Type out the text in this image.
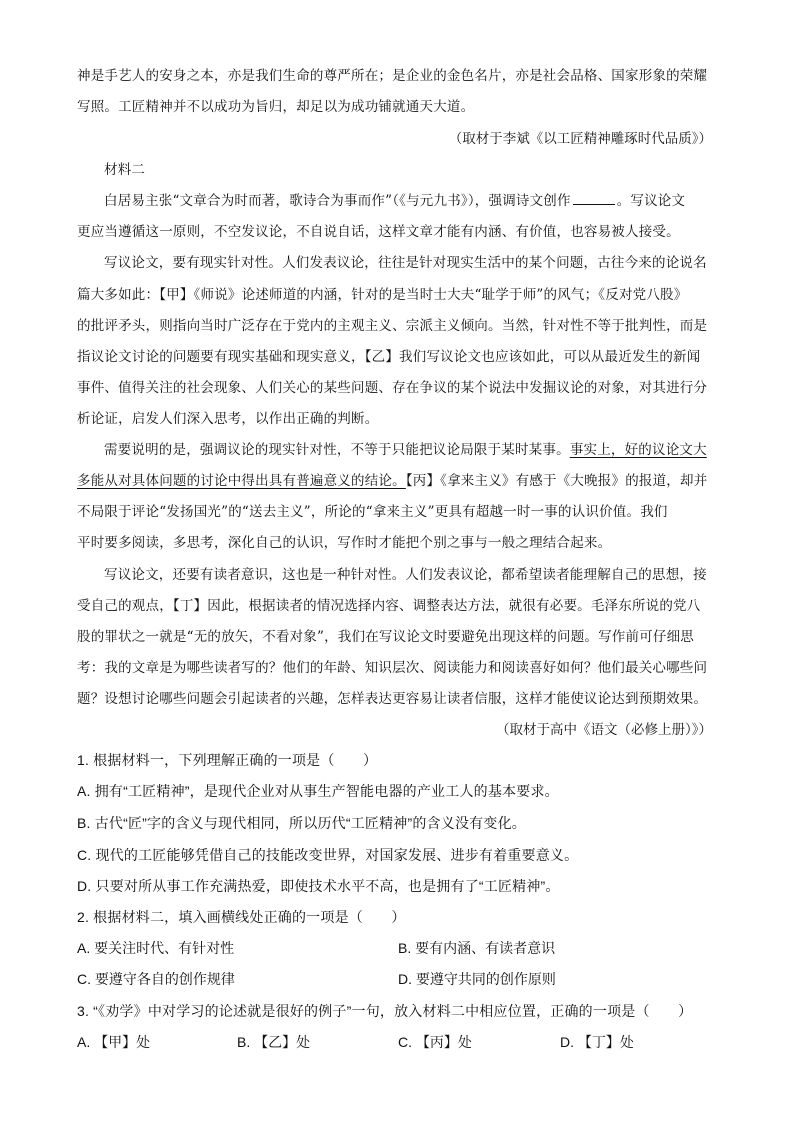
神是手艺人的安身之本，亦是我们生命的尊严所在；是企业的金色名片，亦是社会品格、国家形象的荣耀
写照。工匠精神并不以成功为旨归，却足以为成功铺就通天大道。
（取材于李斌《以工匠精神雕琢时代品质》）
材料二
白居易主张“文章合为时而著，歌诗合为事而作”（《与元九书》），强调诗文创作	。写议论文
更应当遵循这一原则，不空发议论，不自说自话，这样文章才能有内涵、有价值，也容易被人接受。
写议论文，要有现实针对性。人们发表议论，往往是针对现实生活中的某个问题，古往今来的论说名
篇大多如此：【甲】《师说》论述师道的内涵，针对的是当时士大夫“耻学于师”的风气；《反对党八股》
的批评矛头，则指向当时广泛存在于党内的主观主义、宗派主义倾向。当然，针对性不等于批判性，而是
指议论文讨论的问题要有现实基础和现实意义，【乙】我们写议论文也应该如此，可以从最近发生的新闻
事件、值得关注的社会现象、人们关心的某些问题、存在争议的某个说法中发掘议论的对象，对其进行分
析论证，启发人们深入思考，以作出正确的判断。
需要说明的是，强调议论的现实针对性，不等于只能把议论局限于某时某事。事实上，好的议论文大
多能从对具体问题的讨论中得出具有普遍意义的结论。【丙】《拿来主义》有感于《大晚报》的报道，却并
不局限于评论“发扬国光”的“送去主义”，所论的“拿来主义”更具有超越一时一事的认识价值。我们
平时要多阅读，多思考，深化自己的认识，写作时才能把个别之事与一般之理结合起来。
写议论文，还要有读者意识，这也是一种针对性。人们发表议论，都希望读者能理解自己的思想，接
受自己的观点，【丁】因此，根据读者的情况选择内容、调整表达方法，就很有必要。毛泽东所说的党八
股的罪状之一就是“无的放矢，不看对象”，我们在写议论文时要避免出现这样的问题。写作前可仔细思
考：我的文章是为哪些读者写的？他们的年龄、知识层次、阅读能力和阅读喜好如何？他们最关心哪些问
题？设想讨论哪些问题会引起读者的兴趣，怎样表达更容易让读者信服，这样才能使议论达到预期效果。
（取材于高中《语文（必修上册）》）
1. 根据材料一，下列理解正确的一项是（　　）
A. 拥有“工匠精神”，是现代企业对从事生产智能电器的产业工人的基本要求。
B. 古代“匠”字的含义与现代相同，所以历代“工匠精神”的含义没有变化。
C. 现代的工匠能够凭借自己的技能改变世界，对国家发展、进步有着重要意义。
D. 只要对所从事工作充满热爱，即使技术水平不高，也是拥有了“工匠精神”。
2. 根据材料二，填入画横线处正确的一项是（　　）
A. 要关注时代、有针对性	B. 要有内涵、有读者意识
C. 要遵守各自的创作规律	D. 要遵守共同的创作原则
3. “《劝学》中对学习的论述就是很好的例子”一句，放入材料二中相应位置，正确的一项是（　　）
A. 【甲】处	B. 【乙】处	C. 【丙】处	D. 【丁】处
